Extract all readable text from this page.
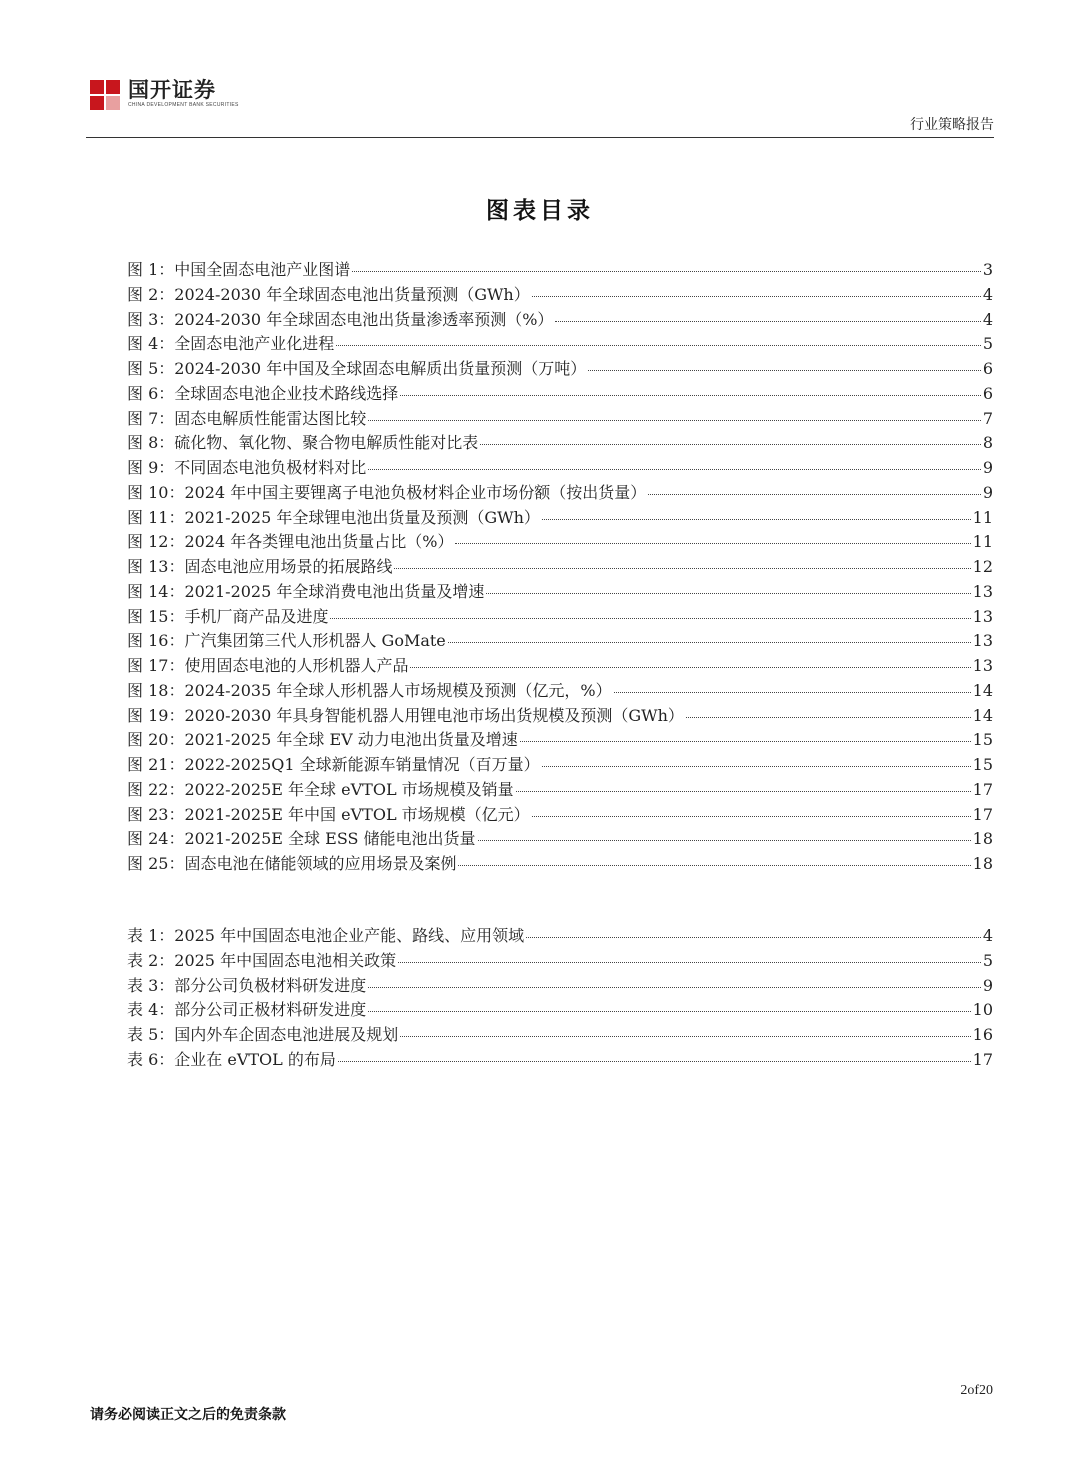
国开证券
CHINA DEVELOPMENT BANK SECURITIES
行业策略报告
图表目录
图 1：中国全固态电池产业图谱	3
图 2：2024-2030 年全球固态电池出货量预测（GWh）	4
图 3：2024-2030 年全球固态电池出货量渗透率预测（%）	4
图 4：全固态电池产业化进程	5
图 5：2024-2030 年中国及全球固态电解质出货量预测（万吨）	6
图 6：全球固态电池企业技术路线选择	6
图 7：固态电解质性能雷达图比较	7
图 8：硫化物、氧化物、聚合物电解质性能对比表	8
图 9：不同固态电池负极材料对比	9
图 10：2024 年中国主要锂离子电池负极材料企业市场份额（按出货量）	9
图 11：2021-2025 年全球锂电池出货量及预测（GWh）	11
图 12：2024 年各类锂电池出货量占比（%）	11
图 13：固态电池应用场景的拓展路线	12
图 14：2021-2025 年全球消费电池出货量及增速	13
图 15：手机厂商产品及进度	13
图 16：广汽集团第三代人形机器人 GoMate	13
图 17：使用固态电池的人形机器人产品	13
图 18：2024-2035 年全球人形机器人市场规模及预测（亿元，%）	14
图 19：2020-2030 年具身智能机器人用锂电池市场出货规模及预测（GWh）	14
图 20：2021-2025 年全球 EV 动力电池出货量及增速	15
图 21：2022-2025Q1 全球新能源车销量情况（百万量）	15
图 22：2022-2025E 年全球 eVTOL 市场规模及销量	17
图 23：2021-2025E 年中国 eVTOL 市场规模（亿元）	17
图 24：2021-2025E 全球 ESS 储能电池出货量	18
图 25：固态电池在储能领域的应用场景及案例	18
表 1：2025 年中国固态电池企业产能、路线、应用领域	4
表 2：2025 年中国固态电池相关政策	5
表 3：部分公司负极材料研发进度	9
表 4：部分公司正极材料研发进度	10
表 5：国内外车企固态电池进展及规划	16
表 6：企业在 eVTOL 的布局	17
2of20
请务必阅读正文之后的免责条款
